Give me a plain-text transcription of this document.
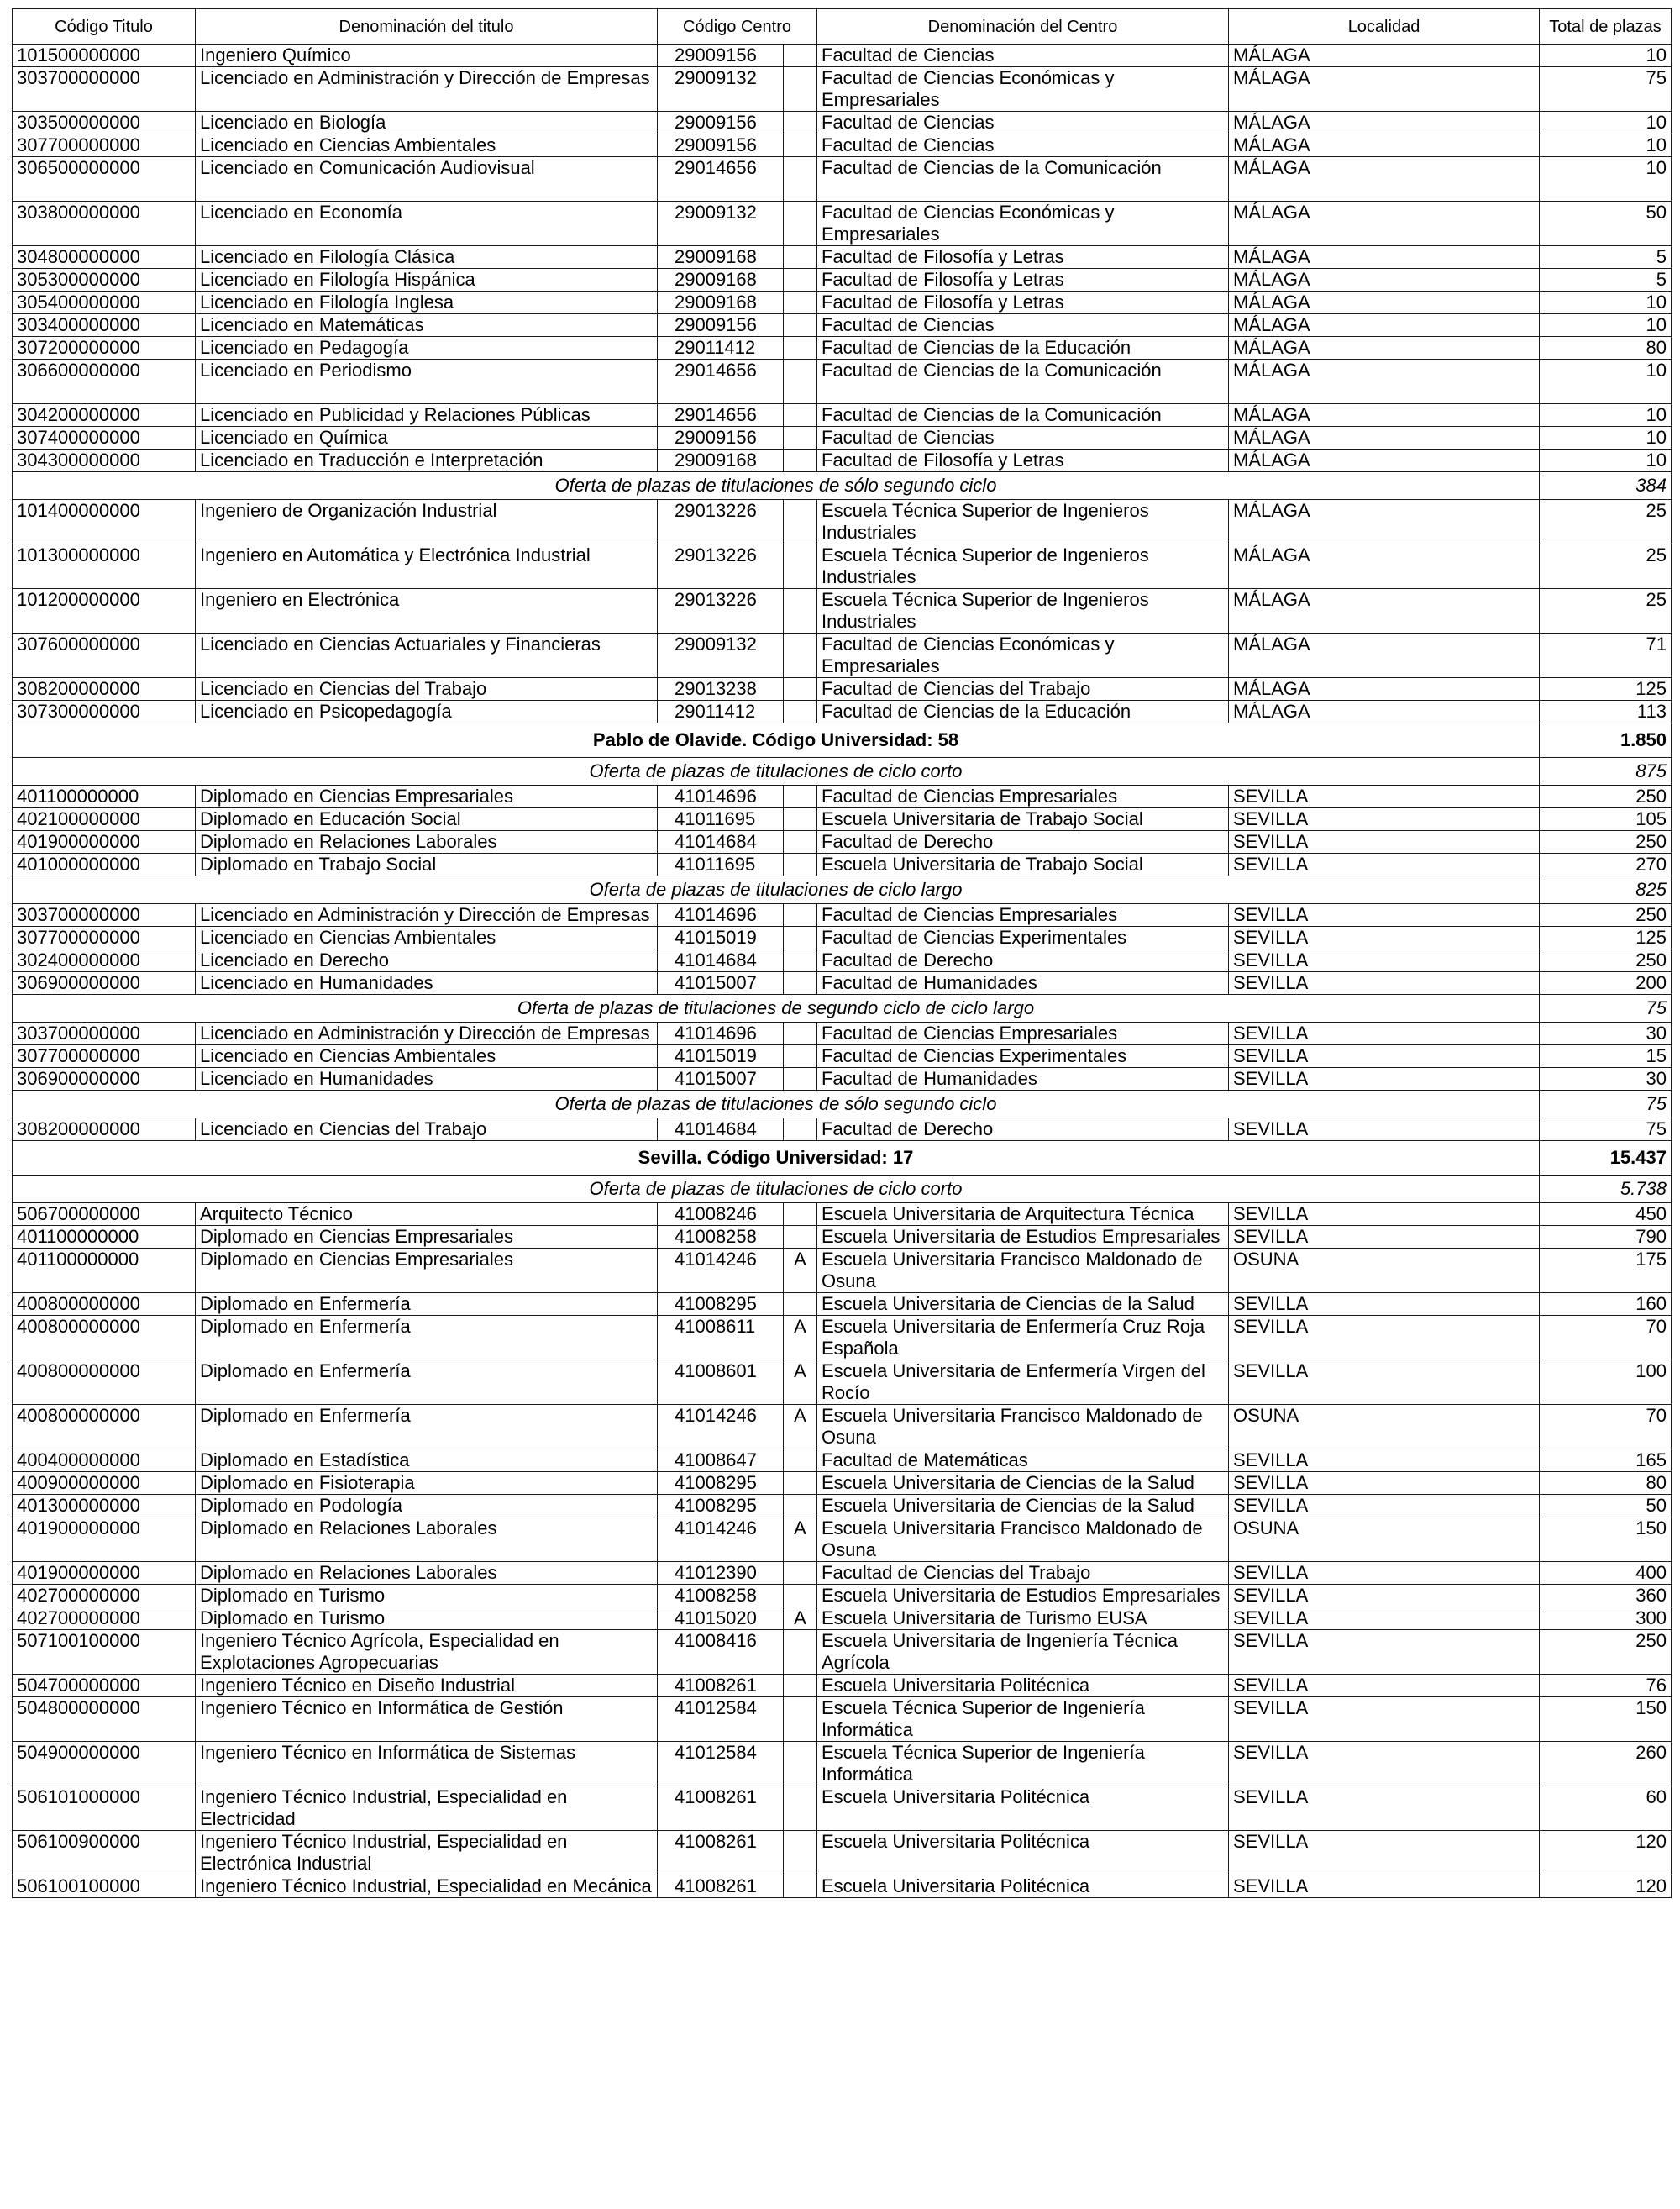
Código Titulo	Denominación del titulo	Código Centro		Denominación del Centro	Localidad	Total de plazas
101500000000	Ingeniero Químico	29009156		Facultad de Ciencias	MÁLAGA	10
303700000000	Licenciado en Administración y Dirección de Empresas	29009132		Facultad de Ciencias Económicas y Empresariales	MÁLAGA	75
303500000000	Licenciado en Biología	29009156		Facultad de Ciencias	MÁLAGA	10
307700000000	Licenciado en Ciencias Ambientales	29009156		Facultad de Ciencias	MÁLAGA	10
306500000000	Licenciado en Comunicación Audiovisual	29014656		Facultad de Ciencias de la Comunicación	MÁLAGA	10
303800000000	Licenciado en Economía	29009132		Facultad de Ciencias Económicas y Empresariales	MÁLAGA	50
304800000000	Licenciado en Filología Clásica	29009168		Facultad de Filosofía y Letras	MÁLAGA	5
305300000000	Licenciado en Filología Hispánica	29009168		Facultad de Filosofía y Letras	MÁLAGA	5
305400000000	Licenciado en Filología Inglesa	29009168		Facultad de Filosofía y Letras	MÁLAGA	10
303400000000	Licenciado en Matemáticas	29009156		Facultad de Ciencias	MÁLAGA	10
307200000000	Licenciado en Pedagogía	29011412		Facultad de Ciencias de la Educación	MÁLAGA	80
306600000000	Licenciado en Periodismo	29014656		Facultad de Ciencias de la Comunicación	MÁLAGA	10
304200000000	Licenciado en Publicidad y Relaciones Públicas	29014656		Facultad de Ciencias de la Comunicación	MÁLAGA	10
307400000000	Licenciado en Química	29009156		Facultad de Ciencias	MÁLAGA	10
304300000000	Licenciado en Traducción e Interpretación	29009168		Facultad de Filosofía y Letras	MÁLAGA	10
Oferta de plazas de titulaciones de sólo segundo ciclo						384
101400000000	Ingeniero de Organización Industrial	29013226		Escuela Técnica Superior de Ingenieros Industriales	MÁLAGA	25
101300000000	Ingeniero en Automática y Electrónica Industrial	29013226		Escuela Técnica Superior de Ingenieros Industriales	MÁLAGA	25
101200000000	Ingeniero en Electrónica	29013226		Escuela Técnica Superior de Ingenieros Industriales	MÁLAGA	25
307600000000	Licenciado en Ciencias Actuariales y Financieras	29009132		Facultad de Ciencias Económicas y Empresariales	MÁLAGA	71
308200000000	Licenciado en Ciencias del Trabajo	29013238		Facultad de Ciencias del Trabajo	MÁLAGA	125
307300000000	Licenciado en Psicopedagogía	29011412		Facultad de Ciencias de la Educación	MÁLAGA	113
Pablo de Olavide. Código Universidad: 58						1.850
Oferta de plazas de titulaciones de ciclo corto						875
401100000000	Diplomado en Ciencias Empresariales	41014696		Facultad de Ciencias Empresariales	SEVILLA	250
402100000000	Diplomado en Educación Social	41011695		Escuela Universitaria de Trabajo Social	SEVILLA	105
401900000000	Diplomado en Relaciones Laborales	41014684		Facultad de Derecho	SEVILLA	250
401000000000	Diplomado en Trabajo Social	41011695		Escuela Universitaria de Trabajo Social	SEVILLA	270
Oferta de plazas de titulaciones de ciclo largo						825
303700000000	Licenciado en Administración y Dirección de Empresas	41014696		Facultad de Ciencias Empresariales	SEVILLA	250
307700000000	Licenciado en Ciencias Ambientales	41015019		Facultad de Ciencias Experimentales	SEVILLA	125
302400000000	Licenciado en Derecho	41014684		Facultad de Derecho	SEVILLA	250
306900000000	Licenciado en Humanidades	41015007		Facultad de Humanidades	SEVILLA	200
Oferta de plazas de titulaciones de segundo ciclo de ciclo largo						75
303700000000	Licenciado en Administración y Dirección de Empresas	41014696		Facultad de Ciencias Empresariales	SEVILLA	30
307700000000	Licenciado en Ciencias Ambientales	41015019		Facultad de Ciencias Experimentales	SEVILLA	15
306900000000	Licenciado en Humanidades	41015007		Facultad de Humanidades	SEVILLA	30
Oferta de plazas de titulaciones de sólo segundo ciclo						75
308200000000	Licenciado en Ciencias del Trabajo	41014684		Facultad de Derecho	SEVILLA	75
Sevilla. Código Universidad: 17						15.437
Oferta de plazas de titulaciones de ciclo corto						5.738
506700000000	Arquitecto Técnico	41008246		Escuela Universitaria de Arquitectura Técnica	SEVILLA	450
401100000000	Diplomado en Ciencias Empresariales	41008258		Escuela Universitaria de Estudios Empresariales	SEVILLA	790
401100000000	Diplomado en Ciencias Empresariales	41014246	A	Escuela Universitaria Francisco Maldonado de Osuna	OSUNA	175
400800000000	Diplomado en Enfermería	41008295		Escuela Universitaria de Ciencias de la Salud	SEVILLA	160
400800000000	Diplomado en Enfermería	41008611	A	Escuela Universitaria de Enfermería Cruz Roja Española	SEVILLA	70
400800000000	Diplomado en Enfermería	41008601	A	Escuela Universitaria de Enfermería Virgen del Rocío	SEVILLA	100
400800000000	Diplomado en Enfermería	41014246	A	Escuela Universitaria Francisco Maldonado de Osuna	OSUNA	70
400400000000	Diplomado en Estadística	41008647		Facultad de Matemáticas	SEVILLA	165
400900000000	Diplomado en Fisioterapia	41008295		Escuela Universitaria de Ciencias de la Salud	SEVILLA	80
401300000000	Diplomado en Podología	41008295		Escuela Universitaria de Ciencias de la Salud	SEVILLA	50
401900000000	Diplomado en Relaciones Laborales	41014246	A	Escuela Universitaria Francisco Maldonado de Osuna	OSUNA	150
401900000000	Diplomado en Relaciones Laborales	41012390		Facultad de Ciencias del Trabajo	SEVILLA	400
402700000000	Diplomado en Turismo	41008258		Escuela Universitaria de Estudios Empresariales	SEVILLA	360
402700000000	Diplomado en Turismo	41015020	A	Escuela Universitaria de Turismo EUSA	SEVILLA	300
507100100000	Ingeniero Técnico Agrícola, Especialidad en Explotaciones Agropecuarias	41008416		Escuela Universitaria de Ingeniería Técnica Agrícola	SEVILLA	250
504700000000	Ingeniero Técnico en Diseño Industrial	41008261		Escuela Universitaria Politécnica	SEVILLA	76
504800000000	Ingeniero Técnico en Informática de Gestión	41012584		Escuela Técnica Superior de Ingeniería Informática	SEVILLA	150
504900000000	Ingeniero Técnico en Informática de Sistemas	41012584		Escuela Técnica Superior de Ingeniería Informática	SEVILLA	260
506101000000	Ingeniero Técnico Industrial, Especialidad en Electricidad	41008261		Escuela Universitaria Politécnica	SEVILLA	60
506100900000	Ingeniero Técnico Industrial, Especialidad en Electrónica Industrial	41008261		Escuela Universitaria Politécnica	SEVILLA	120
506100100000	Ingeniero Técnico Industrial, Especialidad en Mecánica	41008261		Escuela Universitaria Politécnica	SEVILLA	120
